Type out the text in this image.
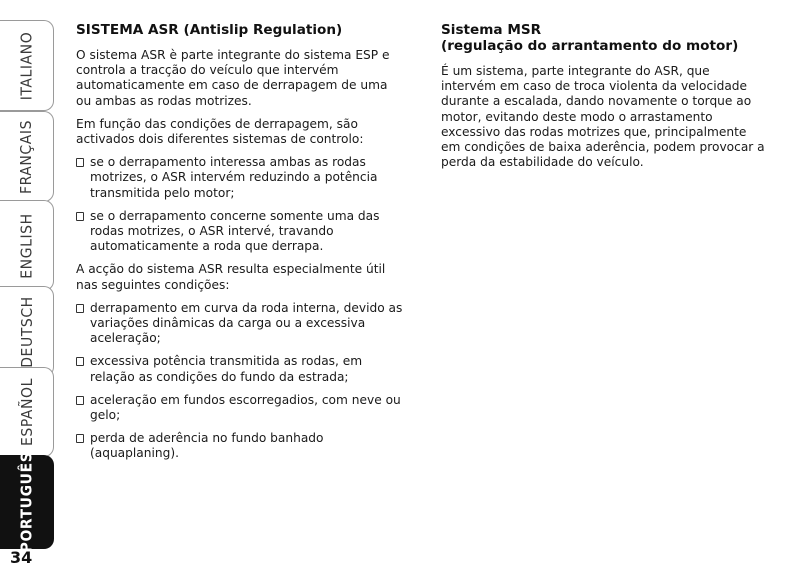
ITALIANO
FRANÇAIS
ENGLISH
DEUTSCH
ESPAÑOL
PORTUGUÊS
34
SISTEMA ASR (Antislip Regulation)

O sistema ASR è parte integrante do sistema ESP e controla a tracção do veículo que intervém automaticamente em caso de derrapagem de uma ou ambas as rodas motrizes.

Em função das condições de derrapagem, são activados dois diferentes sistemas de controlo:

se o derrapamento interessa ambas as rodas motrizes, o ASR intervém reduzindo a potência transmitida pelo motor;
se o derrapamento concerne somente uma das rodas motrizes, o ASR intervé, travando automaticamente a roda que derrapa.

A acção do sistema ASR resulta especialmente útil nas seguintes condições:

derrapamento em curva da roda interna, devido as variações dinâmicas da carga ou a excessiva aceleração;
excessiva potência transmitida as rodas, em relação as condições do fundo da estrada;
aceleração em fundos escorregadios, com neve ou gelo;
perda de aderência no fundo banhado (aquaplaning).
Sistema MSR
(regulação do arrantamento do motor)

É um sistema, parte integrante do ASR, que intervém em caso de troca violenta da velocidade durante a escalada, dando novamente o torque ao motor, evitando deste modo o arrastamento excessivo das rodas motrizes que, principalmente em condições de baixa aderência, podem provocar a perda da estabilidade do veículo.
